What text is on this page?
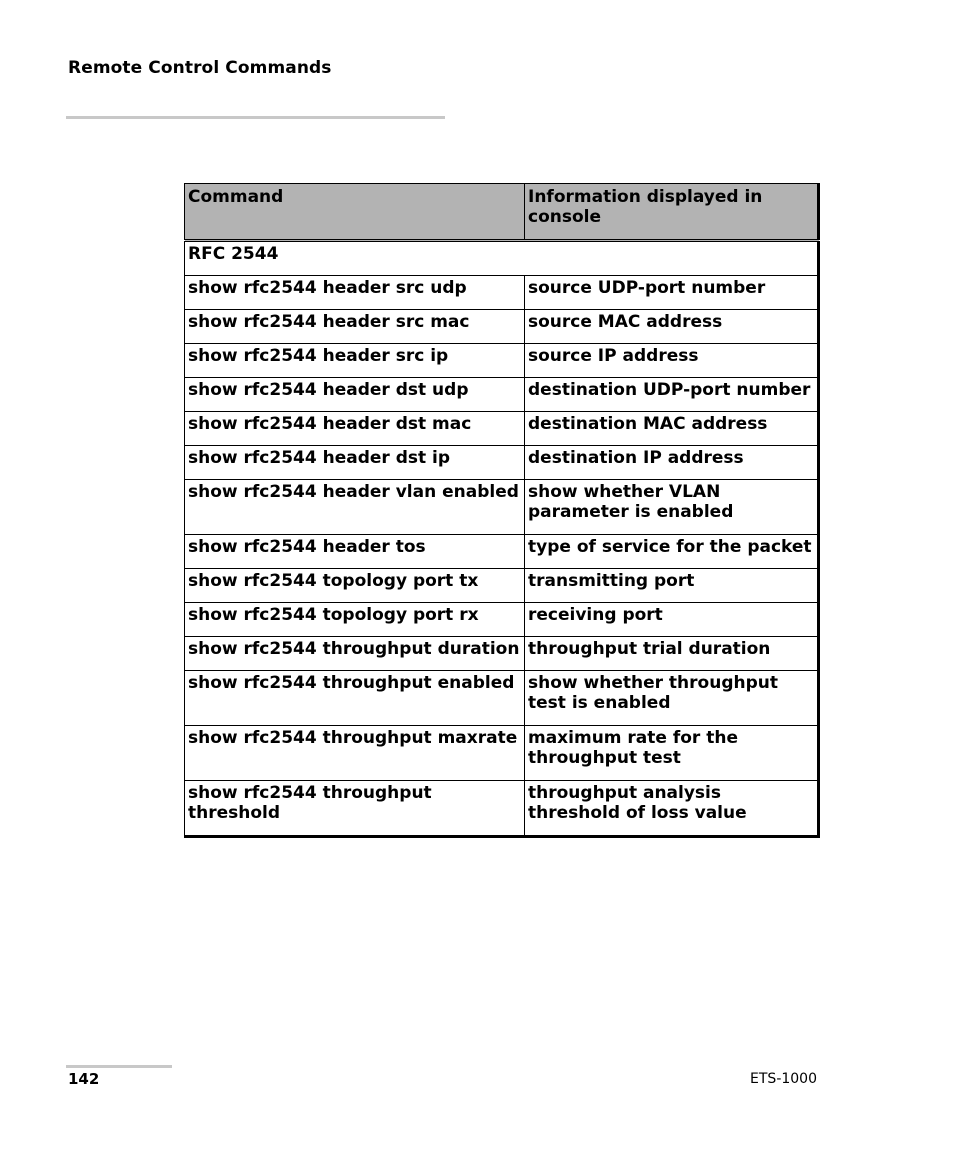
Remote Control Commands
Command	Information displayed in console
RFC 2544	
show rfc2544 header src udp	source UDP-port number
show rfc2544 header src mac	source MAC address
show rfc2544 header src ip	source IP address
show rfc2544 header dst udp	destination UDP-port number
show rfc2544 header dst mac	destination MAC address
show rfc2544 header dst ip	destination IP address
show rfc2544 header vlan enabled	show whether VLAN parameter is enabled
show rfc2544 header tos	type of service for the packet
show rfc2544 topology port tx	transmitting port
show rfc2544 topology port rx	receiving port
show rfc2544 throughput duration	throughput trial duration
show rfc2544 throughput enabled	show whether throughput test is enabled
show rfc2544 throughput maxrate	maximum rate for the throughput test
show rfc2544 throughput threshold	throughput analysis threshold of loss value
142	ETS-1000
